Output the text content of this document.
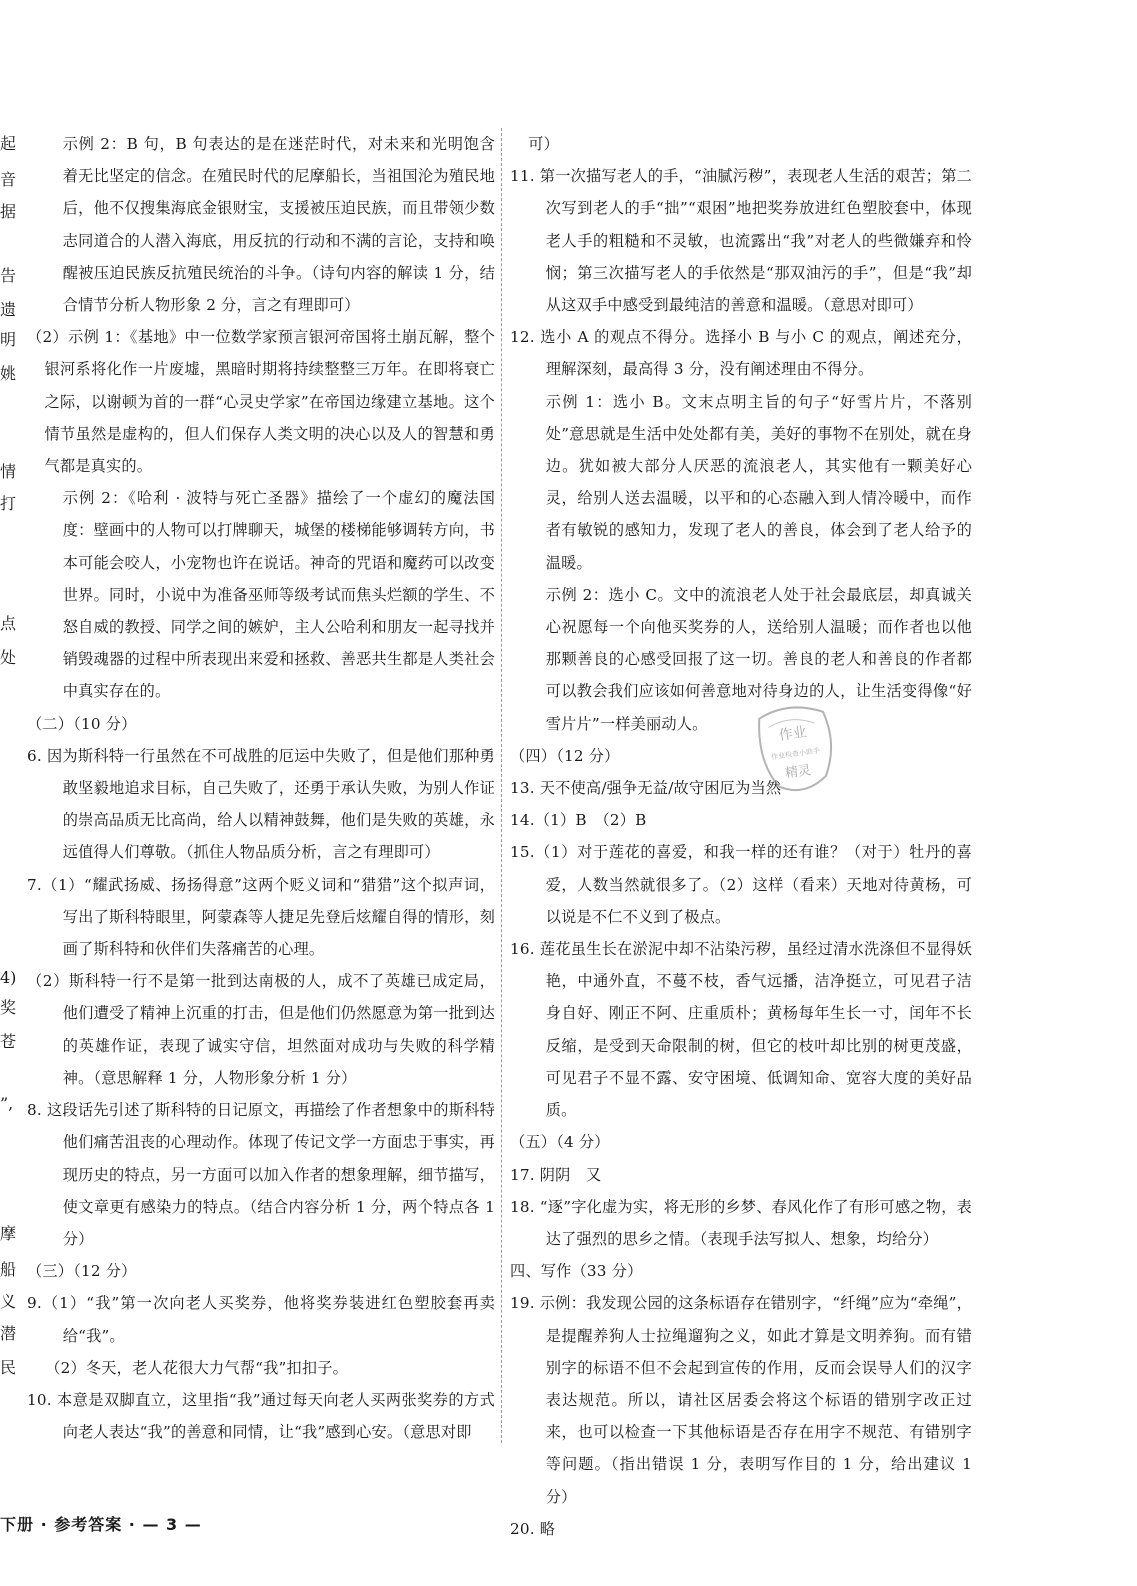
起
音
据
告
遗
明
姚
情
打
点
处
4)
奖
苍
”,
摩
船
义
潜
民

示例 2：B 句，B 句表达的是在迷茫时代，对未来和光明饱含着无比坚定的信念。在殖民时代的尼摩船长，当祖国沦为殖民地后，他不仅搜集海底金银财宝，支援被压迫民族，而且带领少数志同道合的人潜入海底，用反抗的行动和不满的言论，支持和唤醒被压迫民族反抗殖民统治的斗争。（诗句内容的解读 1 分，结合情节分析人物形象 2 分，言之有理即可）

（2）示例 1：《基地》中一位数学家预言银河帝国将土崩瓦解，整个银河系将化作一片废墟，黑暗时期将持续整整三万年。在即将衰亡之际，以谢顿为首的一群“心灵史学家”在帝国边缘建立基地。这个情节虽然是虚构的，但人们保存人类文明的决心以及人的智慧和勇气都是真实的。

示例 2：《哈利 · 波特与死亡圣器》描绘了一个虚幻的魔法国度：壁画中的人物可以打牌聊天，城堡的楼梯能够调转方向，书本可能会咬人，小宠物也许在说话。神奇的咒语和魔药可以改变世界。同时，小说中为准备巫师等级考试而焦头烂额的学生、不怒自威的教授、同学之间的嫉妒，主人公哈利和朋友一起寻找并销毁魂器的过程中所表现出来爱和拯救、善恶共生都是人类社会中真实存在的。

（二）（10 分）

6. 因为斯科特一行虽然在不可战胜的厄运中失败了，但是他们那种勇敢坚毅地追求目标，自己失败了，还勇于承认失败，为别人作证的崇高品质无比高尚，给人以精神鼓舞，他们是失败的英雄，永远值得人们尊敬。（抓住人物品质分析，言之有理即可）

7.（1）“耀武扬威、扬扬得意”这两个贬义词和“猎猎”这个拟声词，写出了斯科特眼里，阿蒙森等人捷足先登后炫耀自得的情形，刻画了斯科特和伙伴们失落痛苦的心理。

（2）斯科特一行不是第一批到达南极的人，成不了英雄已成定局，他们遭受了精神上沉重的打击，但是他们仍然愿意为第一批到达的英雄作证，表现了诚实守信，坦然面对成功与失败的科学精神。（意思解释 1 分，人物形象分析 1 分）

8. 这段话先引述了斯科特的日记原文，再描绘了作者想象中的斯科特他们痛苦沮丧的心理动作。体现了传记文学一方面忠于事实，再现历史的特点，另一方面可以加入作者的想象理解，细节描写，使文章更有感染力的特点。（结合内容分析 1 分，两个特点各 1 分）

（三）（12 分）

9.（1）“我”第一次向老人买奖券，他将奖券装进红色塑胶套再卖给“我”。

（2）冬天，老人花很大力气帮“我”扣扣子。

10. 本意是双脚直立，这里指“我”通过每天向老人买两张奖券的方式向老人表达“我”的善意和同情，让“我”感到心安。（意思对即

可）

11. 第一次描写老人的手，“油腻污秽”，表现老人生活的艰苦；第二次写到老人的手“拙”“艰困”地把奖券放进红色塑胶套中，体现老人手的粗糙和不灵敏，也流露出“我”对老人的些微嫌弃和怜悯；第三次描写老人的手依然是“那双油污的手”，但是“我”却从这双手中感受到最纯洁的善意和温暖。（意思对即可）

12. 选小 A 的观点不得分。选择小 B 与小 C 的观点，阐述充分，理解深刻，最高得 3 分，没有阐述理由不得分。

示例 1：选小 B。文末点明主旨的句子“好雪片片，不落别处”意思就是生活中处处都有美，美好的事物不在别处，就在身边。犹如被大部分人厌恶的流浪老人，其实他有一颗美好心灵，给别人送去温暖，以平和的心态融入到人情冷暖中，而作者有敏锐的感知力，发现了老人的善良，体会到了老人给予的温暖。

示例 2：选小 C。文中的流浪老人处于社会最底层，却真诚关心祝愿每一个向他买奖券的人，送给别人温暖；而作者也以他那颗善良的心感受回报了这一切。善良的老人和善良的作者都可以教会我们应该如何善意地对待身边的人，让生活变得像“好雪片片”一样美丽动人。

（四）（12 分）

13. 天不使高/强争无益/故守困厄为当然

14.（1）B　（2）B

15.（1）对于莲花的喜爱，和我一样的还有谁？（对于）牡丹的喜爱，人数当然就很多了。（2）这样（看来）天地对待黄杨，可以说是不仁不义到了极点。

16. 莲花虽生长在淤泥中却不沾染污秽，虽经过清水洗涤但不显得妖艳，中通外直，不蔓不枝，香气远播，洁净挺立，可见君子洁身自好、刚正不阿、庄重质朴；黄杨每年生长一寸，闰年不长反缩，是受到天命限制的树，但它的枝叶却比别的树更茂盛，可见君子不显不露、安守困境、低调知命、宽容大度的美好品质。

（五）（4 分）

17. 阴阴　又

18. “逐”字化虚为实，将无形的乡梦、春风化作了有形可感之物，表达了强烈的思乡之情。（表现手法写拟人、想象，均给分）

四、写作（33 分）

19. 示例：我发现公园的这条标语存在错别字，“纤绳”应为“牵绳”，是提醒养狗人士拉绳遛狗之义，如此才算是文明养狗。而有错别字的标语不但不会起到宣传的作用，反而会误导人们的汉字表达规范。所以，请社区居委会将这个标语的错别字改正过来，也可以检查一下其他标语是否存在用字不规范、有错别字等问题。（指出错误 1 分，表明写作目的 1 分，给出建议 1 分）

20. 略

作业
作业检查小助手
精灵
下册 · 参考答案 · — 3 —
